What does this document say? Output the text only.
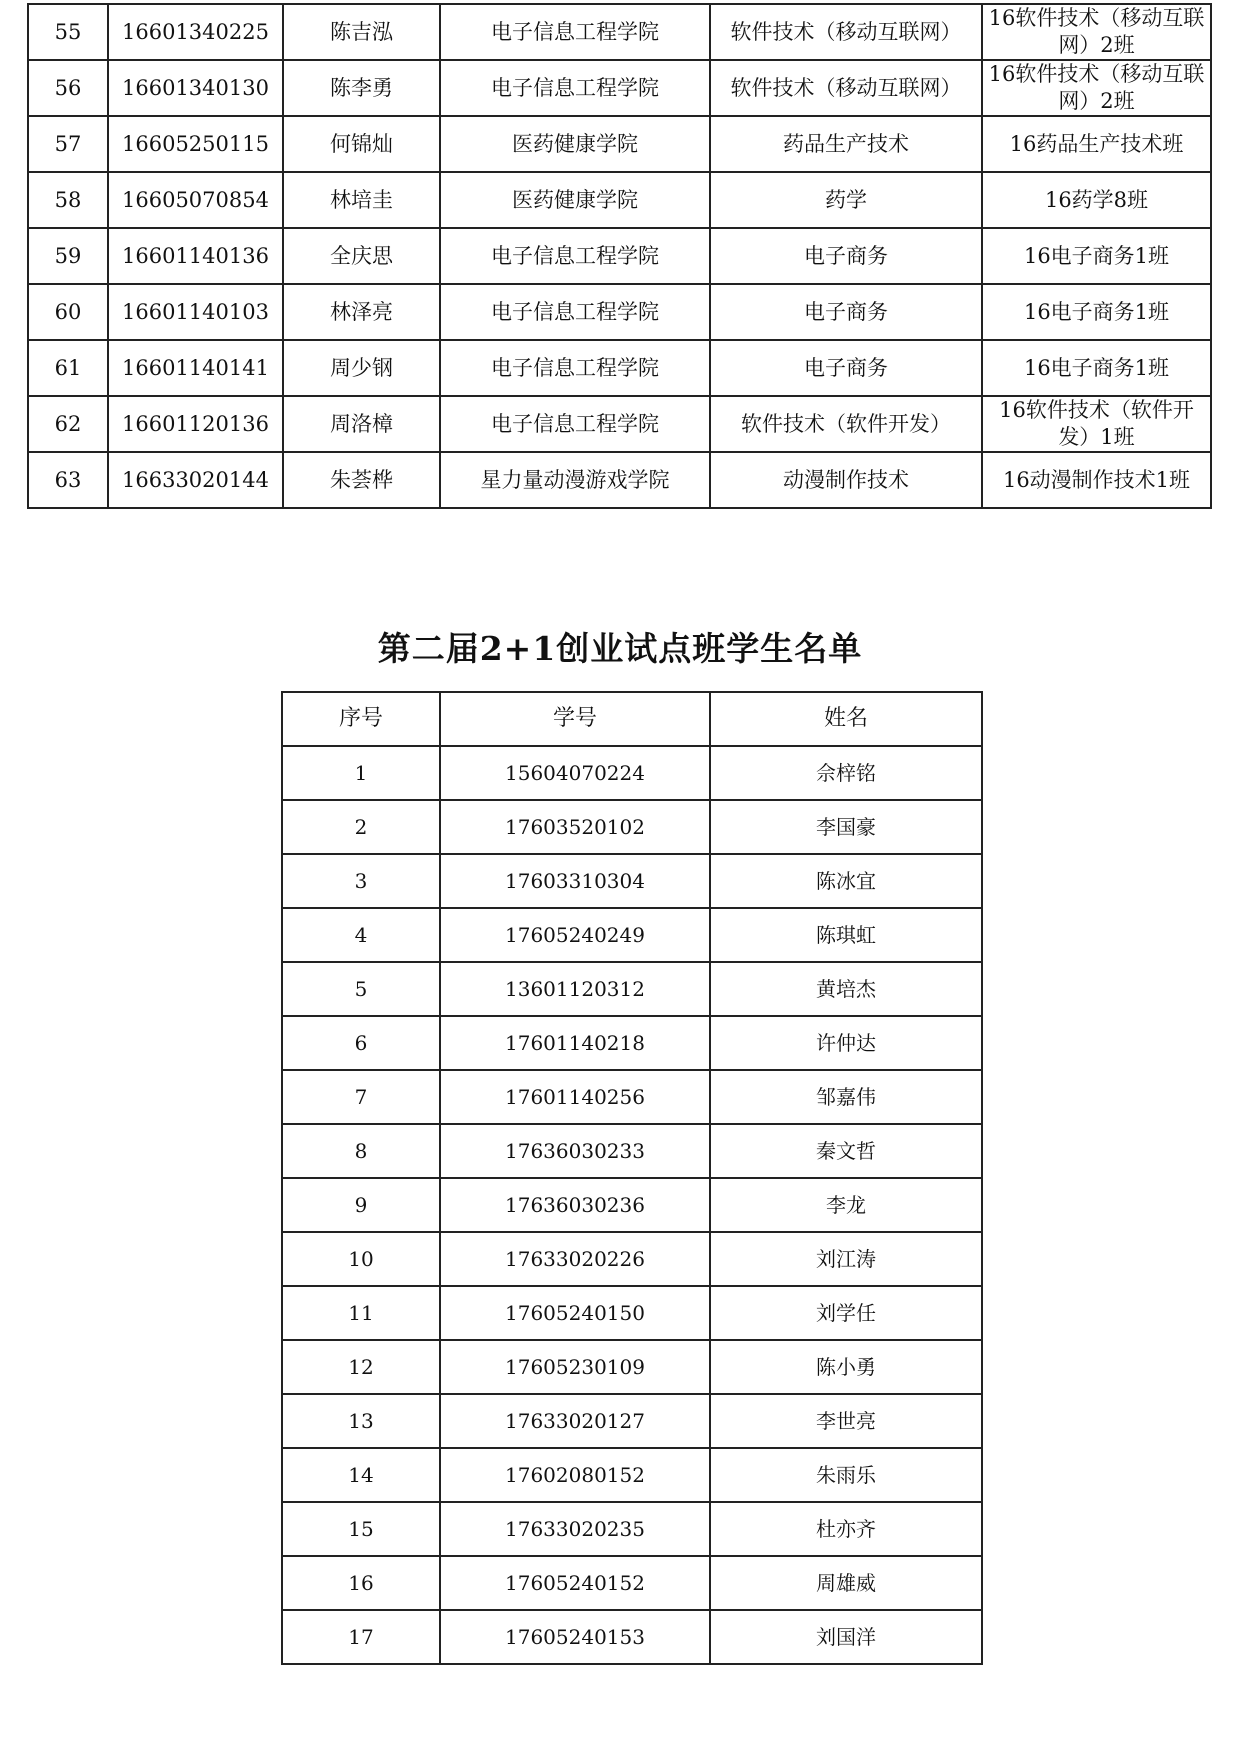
55	16601340225	陈吉泓	电子信息工程学院	软件技术（移动互联网）	16软件技术（移动互联网）2班
56	16601340130	陈李勇	电子信息工程学院	软件技术（移动互联网）	16软件技术（移动互联网）2班
57	16605250115	何锦灿	医药健康学院	药品生产技术	16药品生产技术班
58	16605070854	林培圭	医药健康学院	药学	16药学8班
59	16601140136	全庆思	电子信息工程学院	电子商务	16电子商务1班
60	16601140103	林泽亮	电子信息工程学院	电子商务	16电子商务1班
61	16601140141	周少钢	电子信息工程学院	电子商务	16电子商务1班
62	16601120136	周洛樟	电子信息工程学院	软件技术（软件开发）	16软件技术（软件开发）1班
63	16633020144	朱荟桦	星力量动漫游戏学院	动漫制作技术	16动漫制作技术1班
第二届2+1创业试点班学生名单
序号	学号	姓名
1	15604070224	佘梓铭
2	17603520102	李国豪
3	17603310304	陈冰宜
4	17605240249	陈琪虹
5	13601120312	黄培杰
6	17601140218	许仲达
7	17601140256	邹嘉伟
8	17636030233	秦文哲
9	17636030236	李龙
10	17633020226	刘江涛
11	17605240150	刘学任
12	17605230109	陈小勇
13	17633020127	李世亮
14	17602080152	朱雨乐
15	17633020235	杜亦齐
16	17605240152	周雄威
17	17605240153	刘国洋
